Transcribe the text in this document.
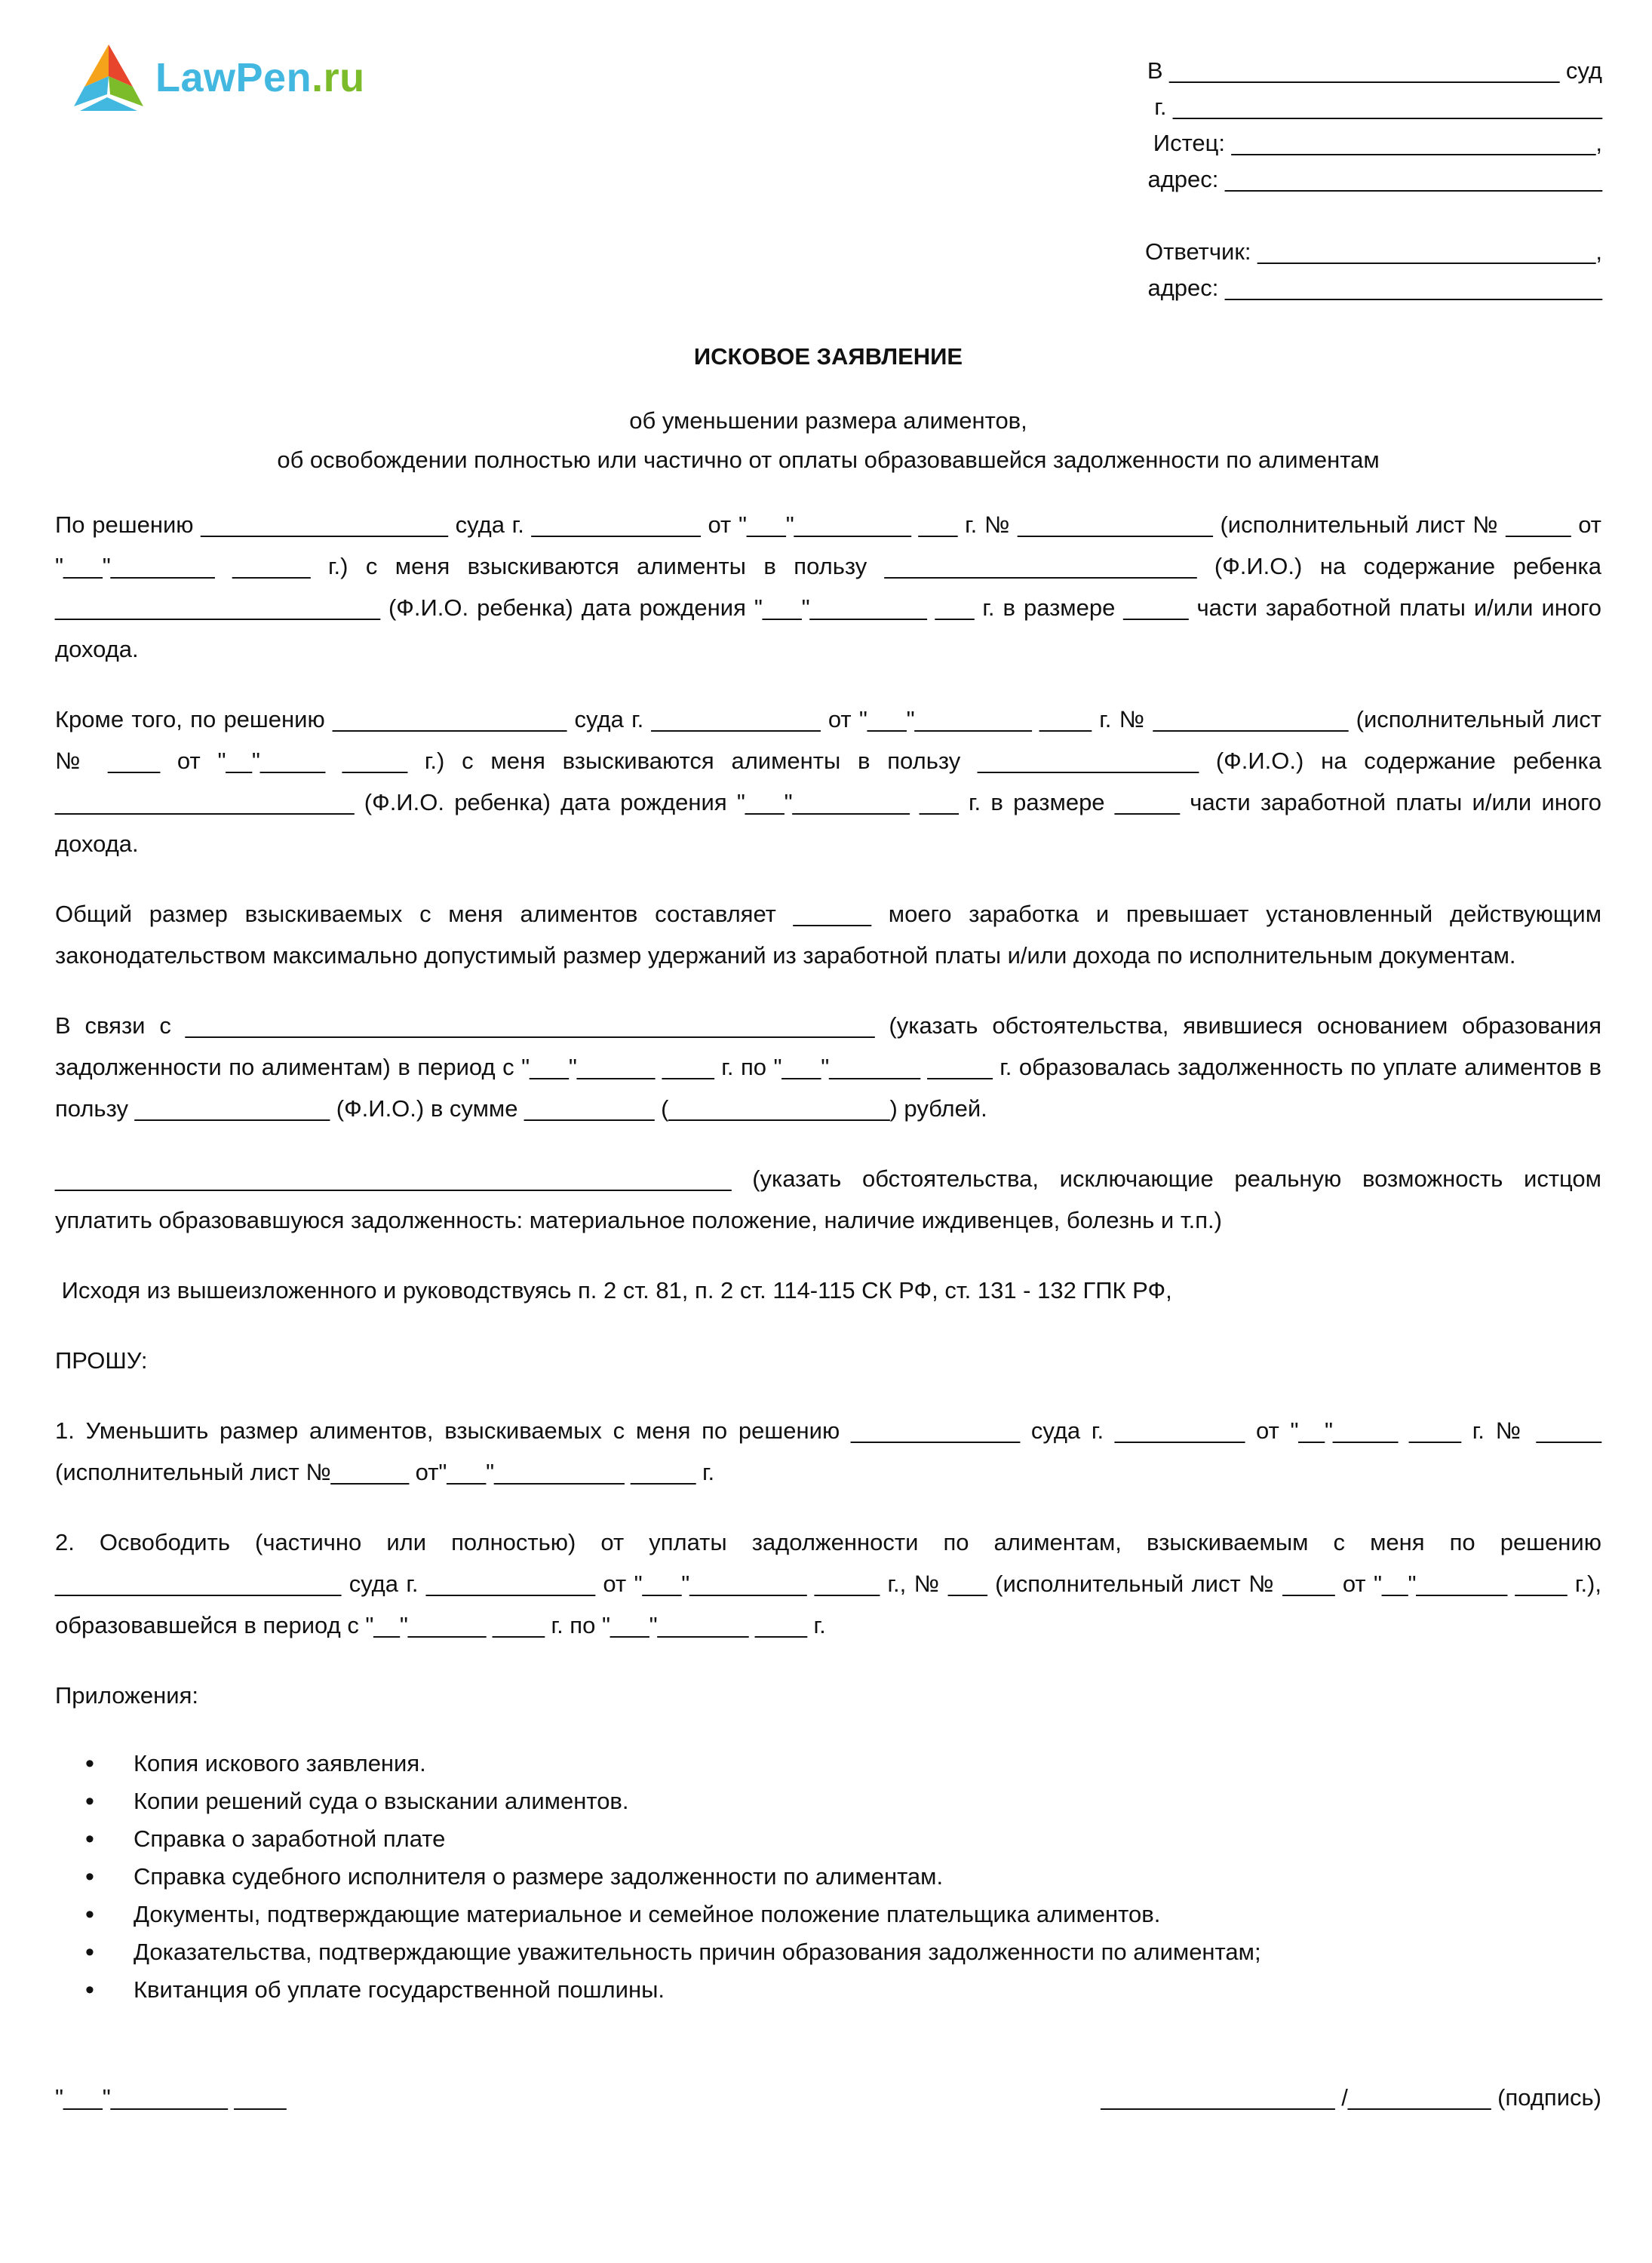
LawPen.ru	В ______________________________ суд
г. _________________________________
Истец: ____________________________,
адрес: _____________________________
Ответчик: __________________________,
адрес: _____________________________
ИСКОВОЕ ЗАЯВЛЕНИЕ
об уменьшении размера алиментов,
об освобождении полностью или частично от оплаты образовавшейся задолженности по алиментам
По решению ___________________ суда г. _____________ от "___"_________ ___ г. № _______________ (исполнительный лист № _____ от "___"________ ______ г.) с меня взыскиваются алименты в пользу ________________________ (Ф.И.О.) на содержание ребенка _________________________ (Ф.И.О. ребенка) дата рождения "___"_________ ___ г. в размере _____ части заработной платы и/или иного дохода.
Кроме того, по решению __________________ суда г. _____________ от "___"_________ ____ г. № _______________ (исполнительный лист № ____ от "__"_____ _____ г.) с меня взыскиваются алименты в пользу _________________ (Ф.И.О.) на содержание ребенка _______________________ (Ф.И.О. ребенка) дата рождения "___"_________ ___ г. в размере _____ части заработной платы и/или иного дохода.
Общий размер взыскиваемых с меня алиментов составляет ______ моего заработка и превышает установленный действующим законодательством максимально допустимый размер удержаний из заработной платы и/или дохода по исполнительным документам.
В связи с _____________________________________________________ (указать обстоятельства, явившиеся основанием образования задолженности по алиментам) в период с "___"______ ____ г. по "___"_______ _____ г. образовалась задолженность по уплате алиментов в пользу _______________ (Ф.И.О.) в сумме __________ (_________________) рублей.
____________________________________________________ (указать обстоятельства, исключающие реальную возможность истцом уплатить образовавшуюся задолженность: материальное положение, наличие иждивенцев, болезнь и т.п.)
Исходя из вышеизложенного и руководствуясь п. 2 ст. 81, п. 2 ст. 114-115 СК РФ, ст. 131 - 132 ГПК РФ,
ПРОШУ:
1. Уменьшить размер алиментов, взыскиваемых с меня по решению _____________ суда г. __________ от "__"_____ ____ г. № _____ (исполнительный лист №______ от"___"__________ _____ г.
2. Освободить (частично или полностью) от уплаты задолженности по алиментам, взыскиваемым с меня по решению ______________________ суда г. _____________ от "___"_________ _____ г., № ___ (исполнительный лист № ____ от "__"_______ ____ г.), образовавшейся в период с "__"______ ____ г. по "___"_______ ____ г.
Приложения:
• Копия искового заявления.
• Копии решений суда о взыскании алиментов.
• Справка о заработной плате
• Справка судебного исполнителя о размере задолженности по алиментам.
• Документы, подтверждающие материальное и семейное положение плательщика алиментов.
• Доказательства, подтверждающие уважительность причин образования задолженности по алиментам;
• Квитанция об уплате государственной пошлины.
"___"_________ ____	__________________ /___________ (подпись)
